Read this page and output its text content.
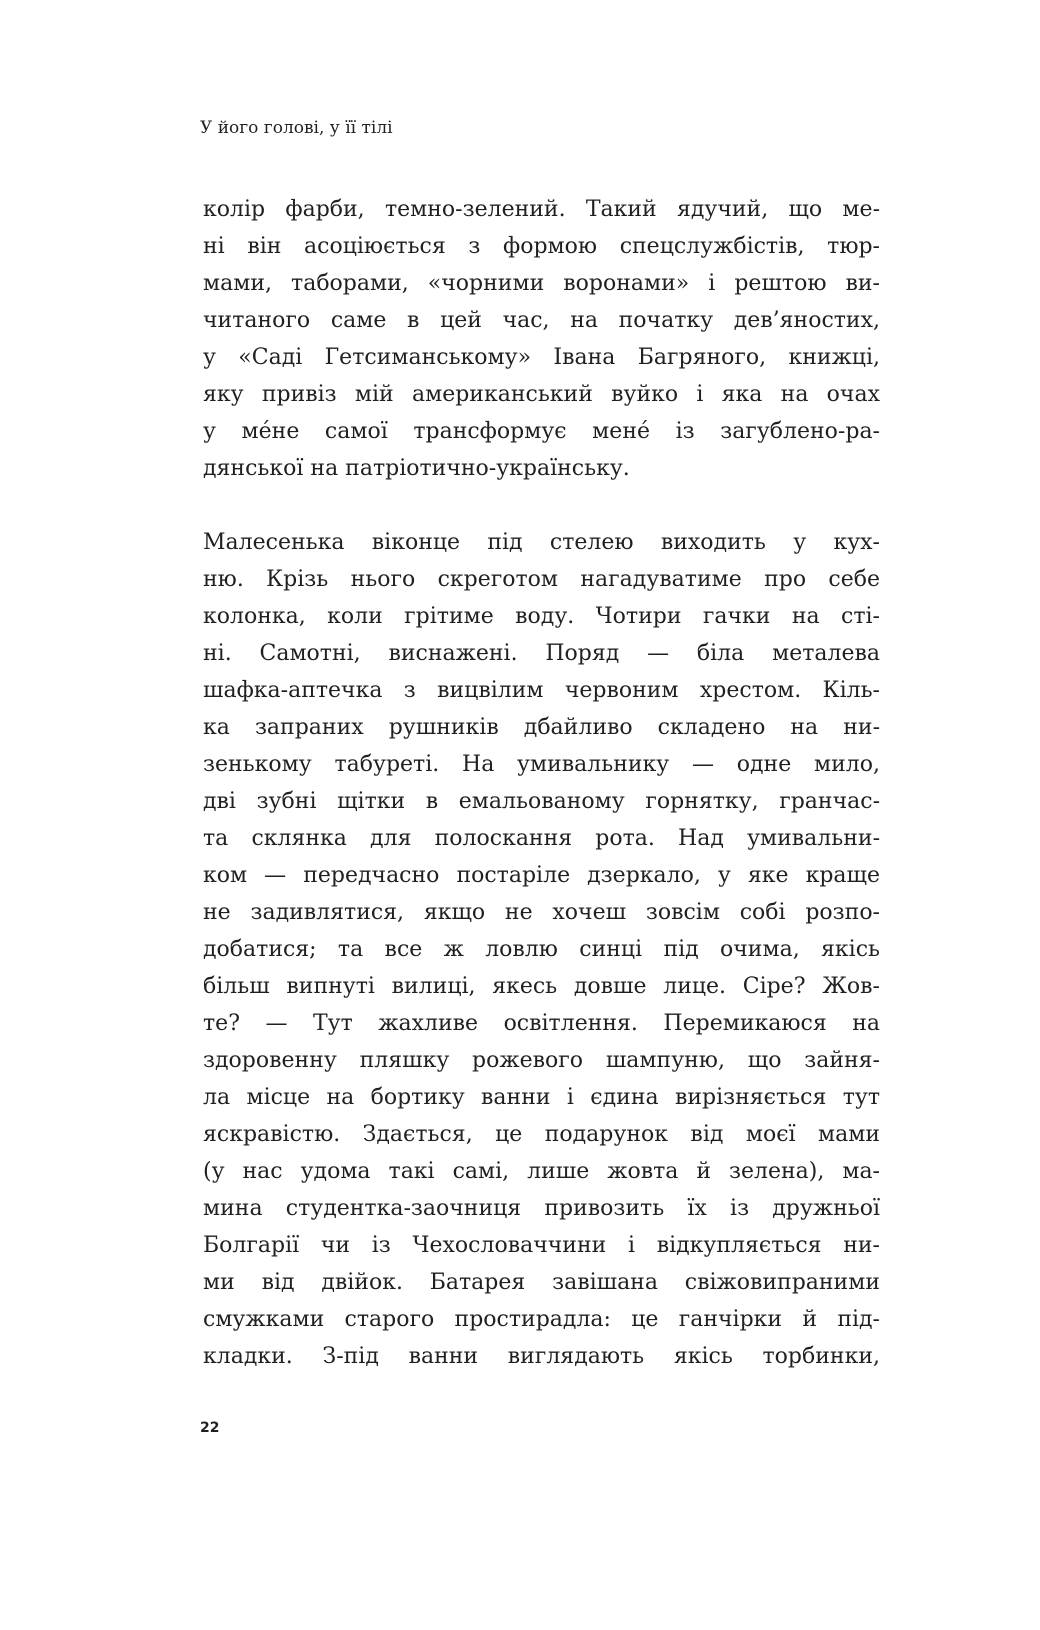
У його голові, у її тілі

колір фарби, темно-зелений. Такий ядучий, що ме-
ні він асоціюється з формою спецслужбістів, тюр-
мами, таборами, «чорними воронами» і рештою ви-
читаного саме в цей час, на початку дев’яностих,
у «Саді Гетсиманському» Івана Багряного, книжці,
яку привіз мій американський вуйко і яка на очах
у мéне самої трансформує менé із загублено-ра-
дянської на патріотично-українську.

Малесенька віконце під стелею виходить у кух-
ню. Крізь нього скреготом нагадуватиме про себе
колонка, коли грітиме воду. Чотири гачки на сті-
ні. Самотні, виснажені. Поряд — біла металева
шафка-аптечка з вицвілим червоним хрестом. Кіль-
ка запраних рушників дбайливо складено на ни-
зенькому табуреті. На умивальнику — одне мило,
дві зубні щітки в емальованому горнятку, гранчас-
та склянка для полоскання рота. Над умивальни-
ком — передчасно постаріле дзеркало, у яке краще
не задивлятися, якщо не хочеш зовсім собі розпо-
добатися; та все ж ловлю синці під очима, якісь
більш випнуті вилиці, якесь довше лице. Сіре? Жов-
те? — Тут жахливе освітлення. Перемикаюся на
здоровенну пляшку рожевого шампуню, що зайня-
ла місце на бортику ванни і єдина вирізняється тут
яскравістю. Здається, це подарунок від моєї мами
(у нас удома такі самі, лише жовта й зелена), ма-
мина студентка-заочниця привозить їх із дружньої
Болгарії чи із Чехословаччини і відкупляється ни-
ми від двійок. Батарея завішана свіжовипраними
смужками старого простирадла: це ганчірки й під-
кладки. З-під ванни виглядають якісь торбинки,

22
